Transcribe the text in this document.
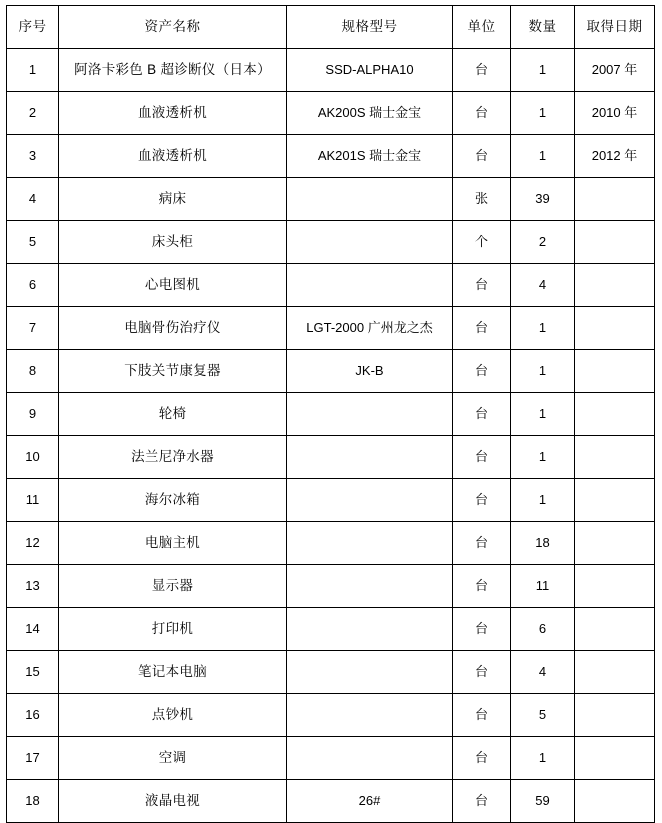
序号	资产名称	规格型号	单位	数量	取得日期
1	阿洛卡彩色 B 超诊断仪（日本）	SSD-ALPHA10	台	1	2007 年
2	血液透析机	AK200S 瑞士金宝	台	1	2010 年
3	血液透析机	AK201S 瑞士金宝	台	1	2012 年
4	病床		张	39	
5	床头柜		个	2	
6	心电图机		台	4	
7	电脑骨伤治疗仪	LGT-2000 广州龙之杰	台	1	
8	下肢关节康复器	JK-B	台	1	
9	轮椅		台	1	
10	法兰尼净水器		台	1	
11	海尔冰箱		台	1	
12	电脑主机		台	18	
13	显示器		台	11	
14	打印机		台	6	
15	笔记本电脑		台	4	
16	点钞机		台	5	
17	空调		台	1	
18	液晶电视	26#	台	59	
